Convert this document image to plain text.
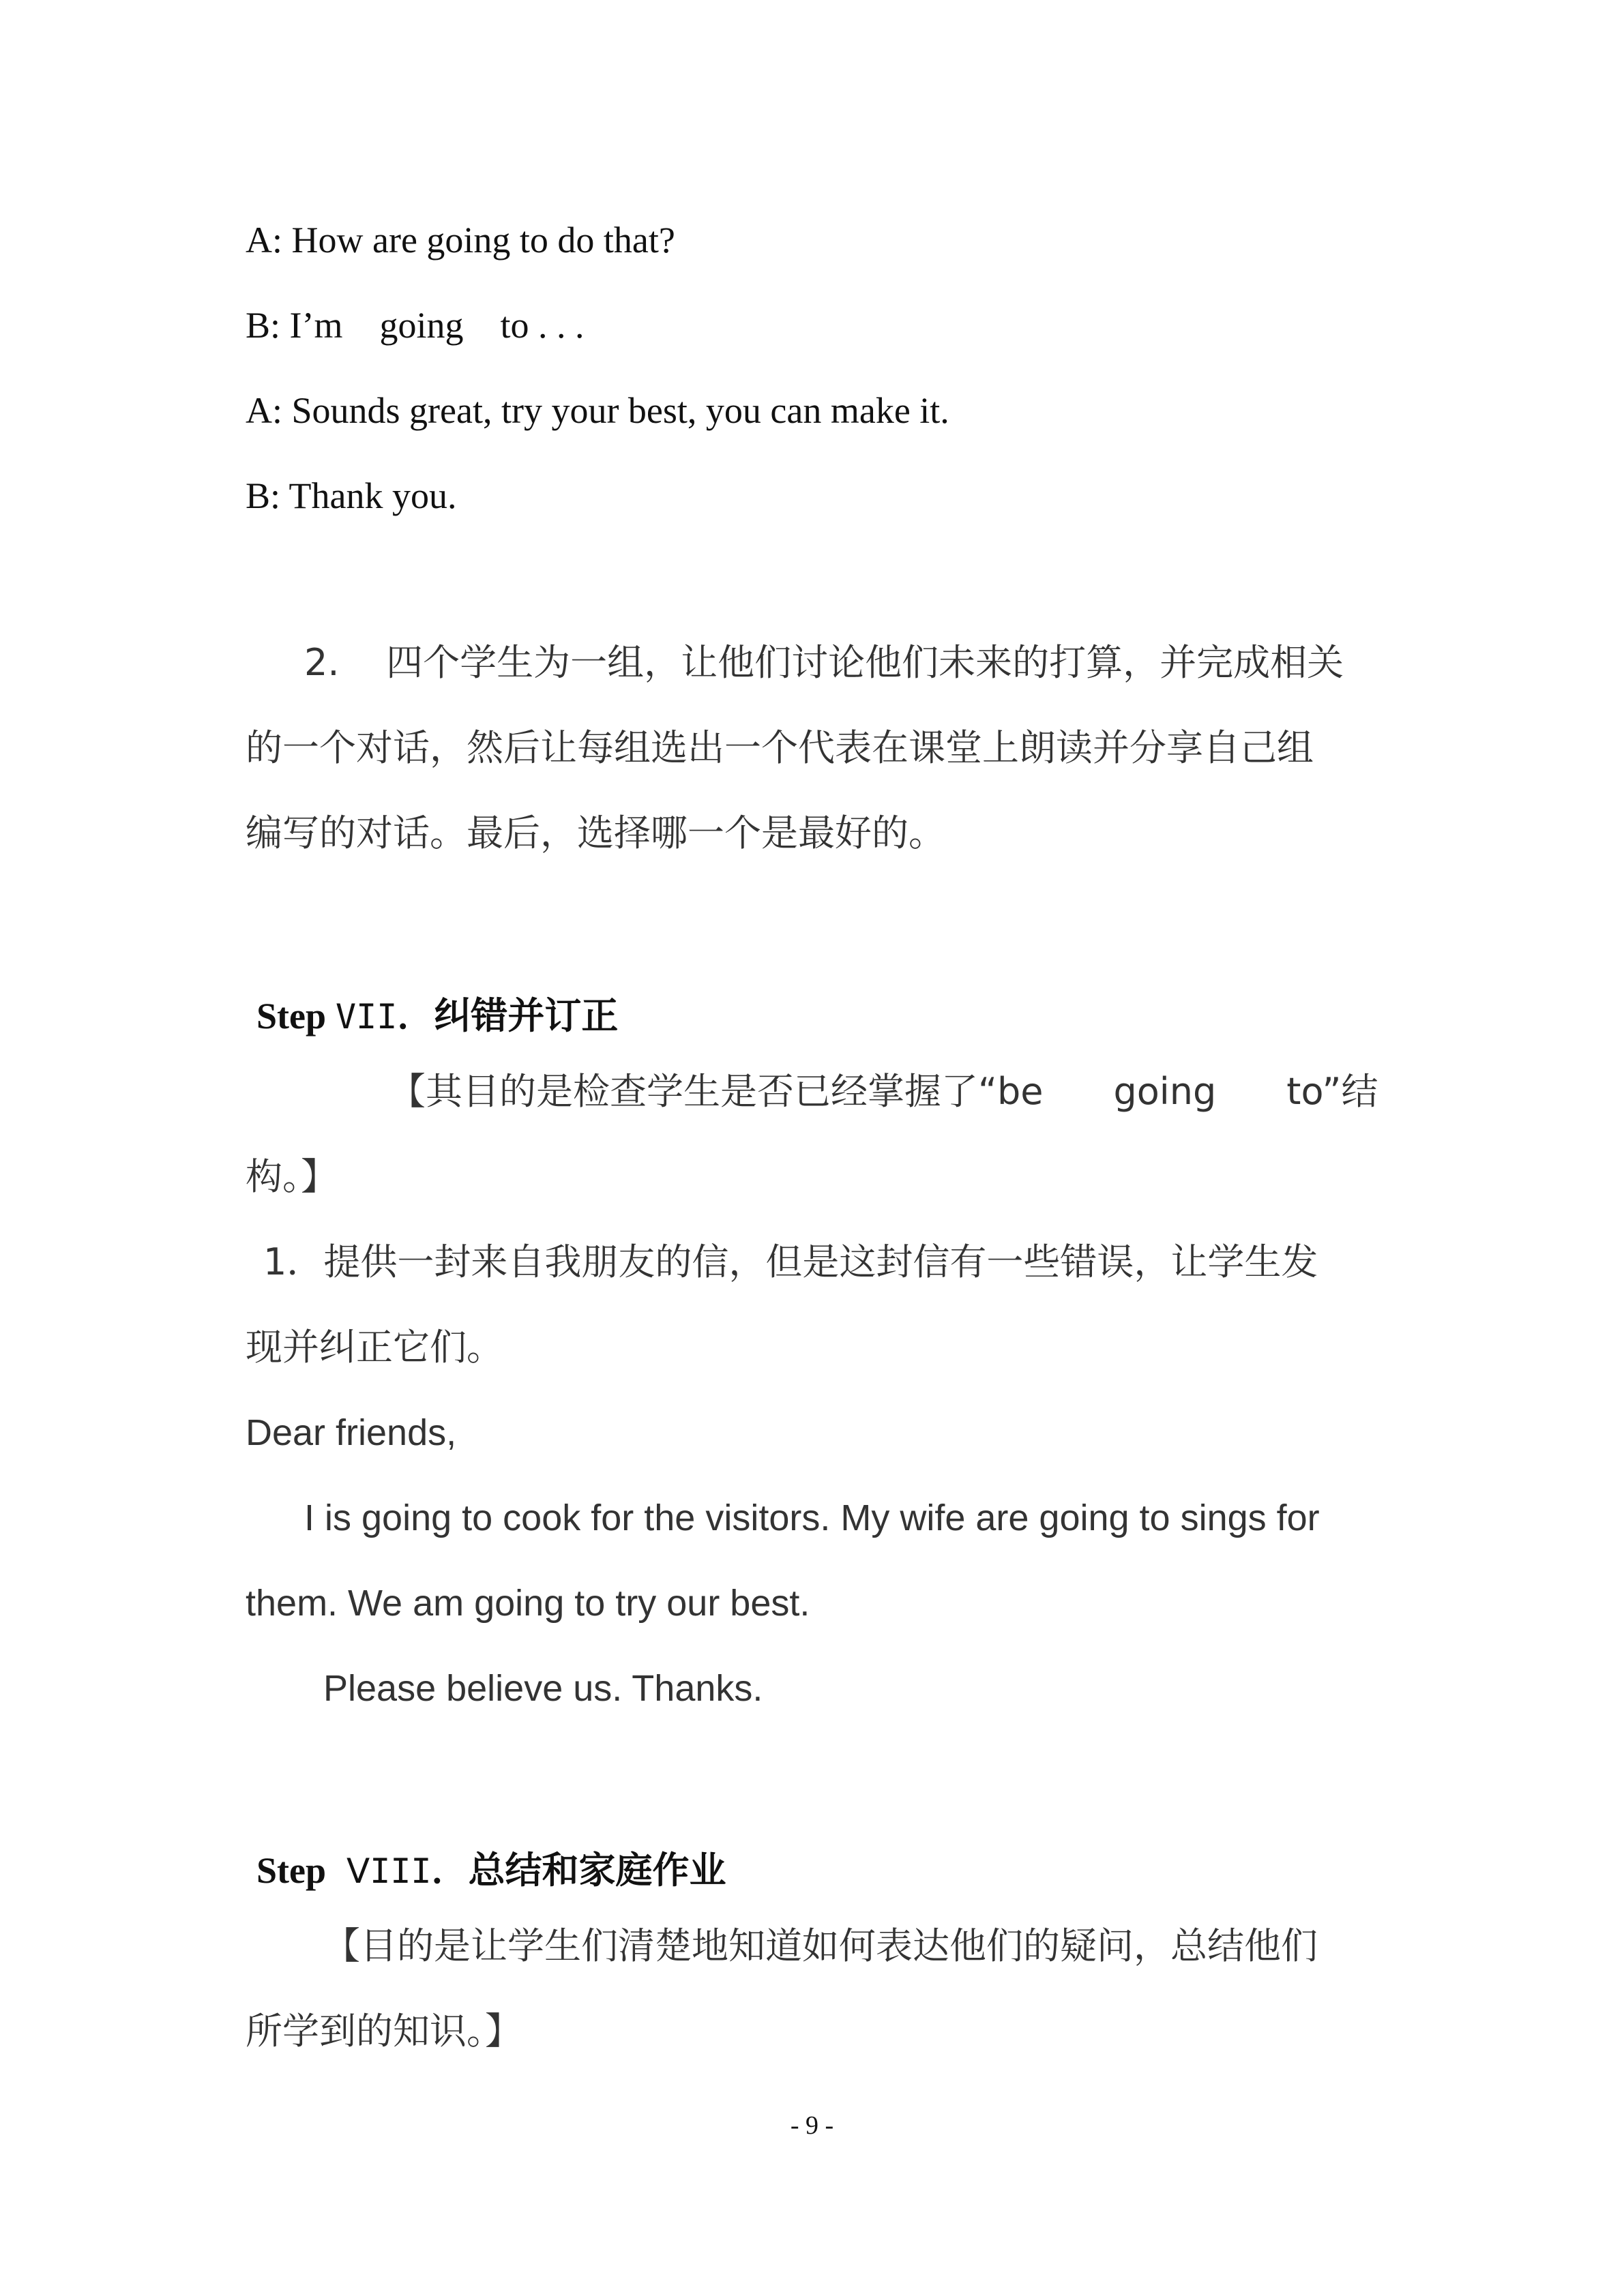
A: How are going to do that?
B: I’m    going    to . . .
A: Sounds great, try your best, you can make it.
B: Thank you.
2.    四个学生为一组，让他们讨论他们未来的打算，并完成相关
的一个对话，然后让每组选出一个代表在课堂上朗读并分享自己组
编写的对话。最后，选择哪一个是最好的。

Step VII．纠错并订正

【其目的是检查学生是否已经掌握了“be      going      to”结
构。】
1．提供一封来自我朋友的信，但是这封信有一些错误，让学生发
现并纠正它们。
Dear friends,
I is going to cook for the visitors. My wife are going to sings for
them. We am going to try our best.
Please believe us. Thanks.

Step ⅤIII．总结和家庭作业

【目的是让学生们清楚地知道如何表达他们的疑问，总结他们
所学到的知识。】
- 9 -
